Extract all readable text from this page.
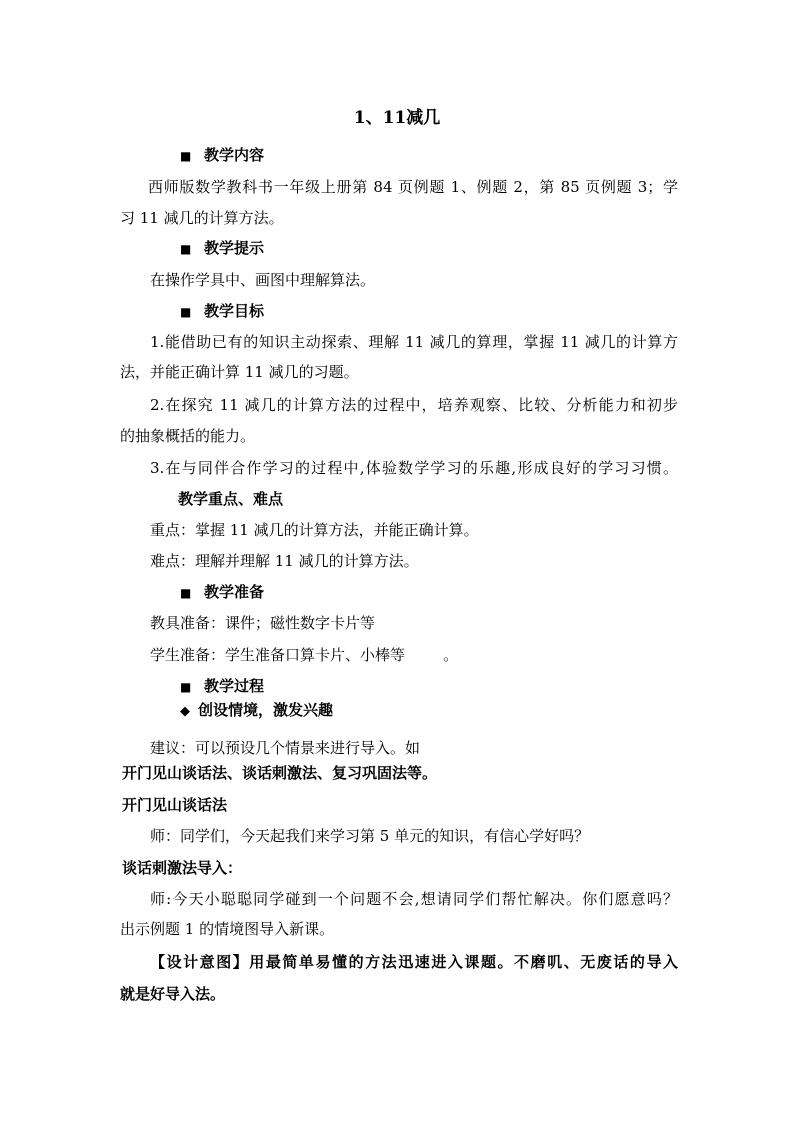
1、11减几
■ 教学内容
西师版数学教科书一年级上册第 84 页例题 1、例题 2，第 85 页例题 3；学
习 11 减几的计算方法。
■ 教学提示
在操作学具中、画图中理解算法。
■ 教学目标
1.能借助已有的知识主动探索、理解 11 减几的算理，掌握 11 减几的计算方
法，并能正确计算 11 减几的习题。
2.在探究 11 减几的计算方法的过程中，培养观察、比较、分析能力和初步
的抽象概括的能力。
3.在与同伴合作学习的过程中,体验数学学习的乐趣,形成良好的学习习惯。
教学重点、难点
重点：掌握 11 减几的计算方法，并能正确计算。
难点：理解并理解 11 减几的计算方法。
■ 教学准备
教具准备：课件；磁性数字卡片等
学生准备：学生准备口算卡片、小棒等        。
■ 教学过程
◆ 创设情境，激发兴趣
建议：可以预设几个情景来进行导入。如
开门见山谈话法、谈话刺激法、复习巩固法等。
开门见山谈话法
师：同学们，今天起我们来学习第 5 单元的知识，有信心学好吗？
谈话刺激法导入：
师:今天小聪聪同学碰到一个问题不会,想请同学们帮忙解决。你们愿意吗？
出示例题 1 的情境图导入新课。
【设计意图】用最简单易懂的方法迅速进入课题。不磨叽、无废话的导入
就是好导入法。
